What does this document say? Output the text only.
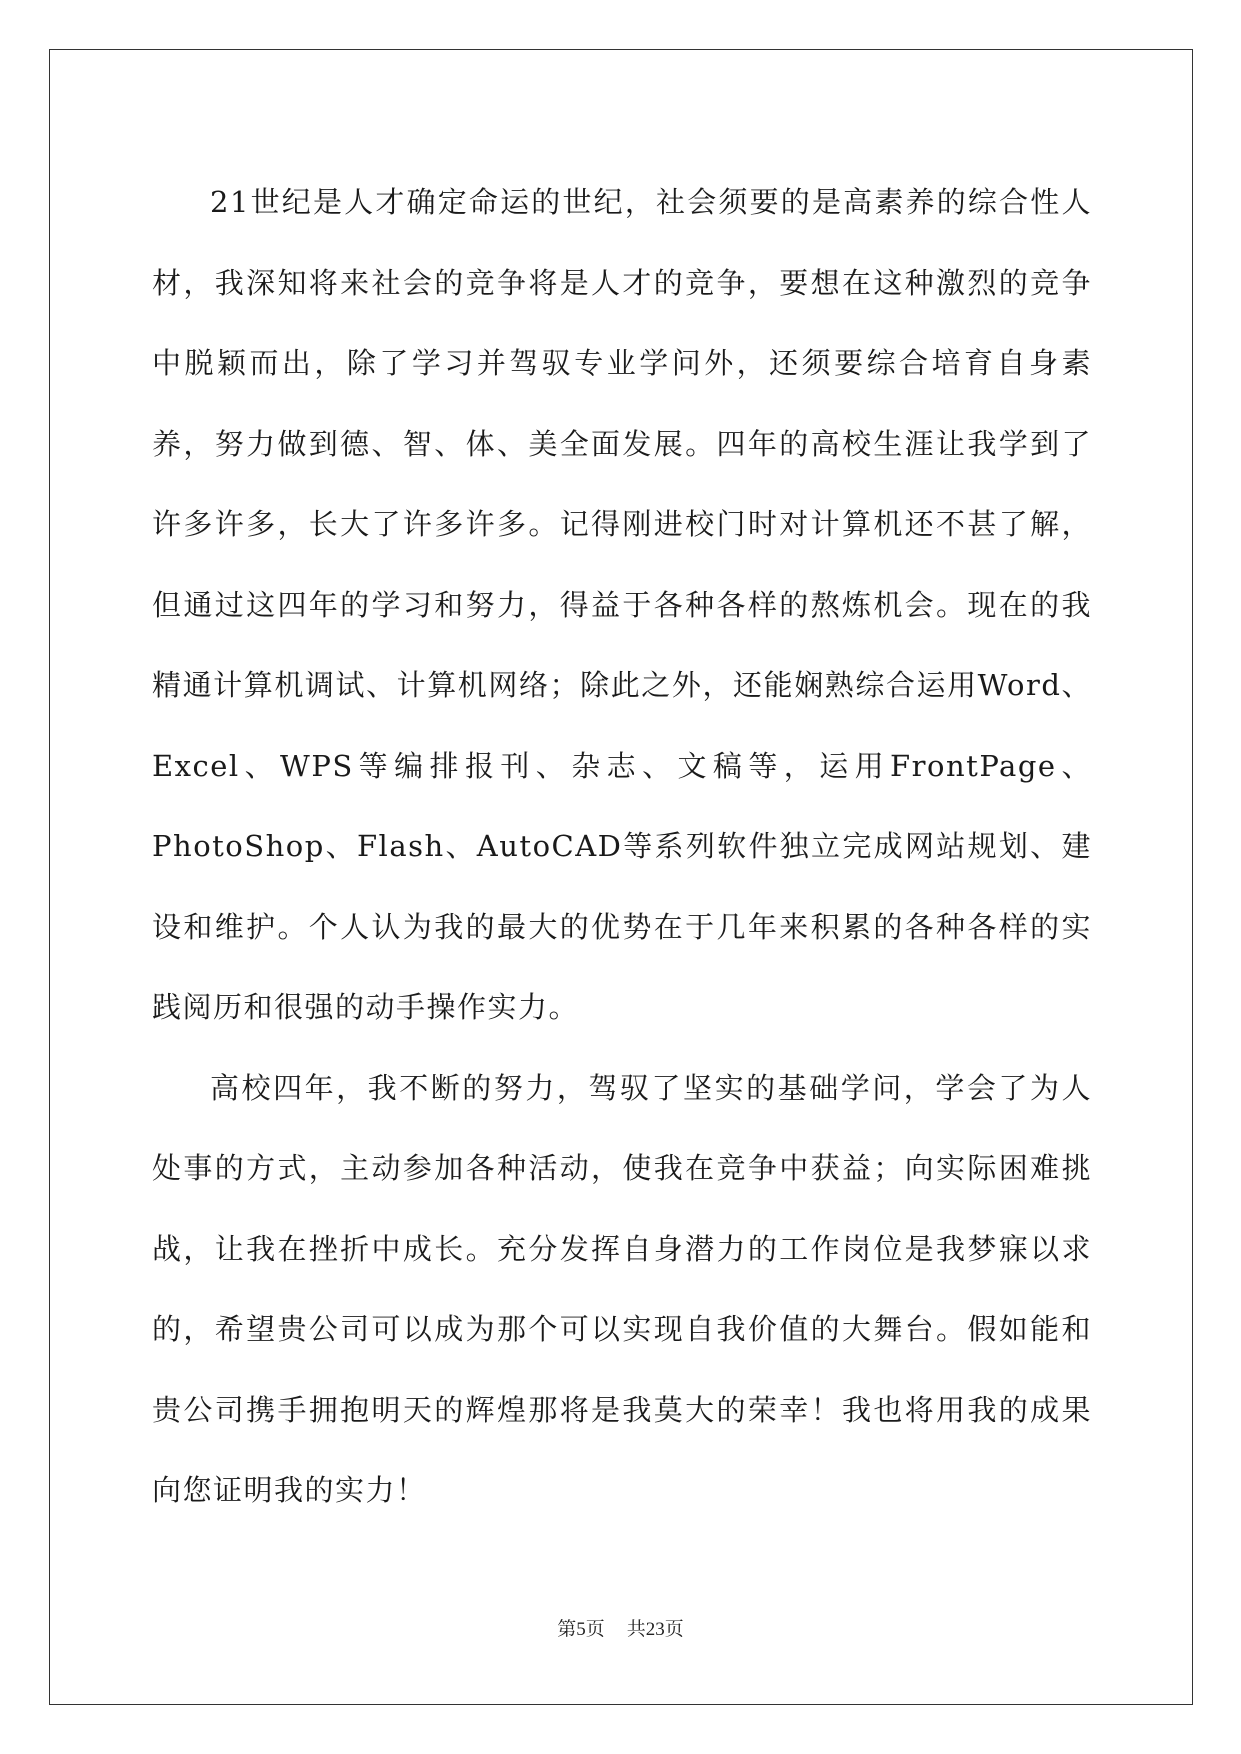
21世纪是人才确定命运的世纪，社会须要的是高素养的综合性人材，我深知将来社会的竞争将是人才的竞争，要想在这种激烈的竞争中脱颖而出，除了学习并驾驭专业学问外，还须要综合培育自身素养，努力做到德、智、体、美全面发展。四年的高校生涯让我学到了许多许多，长大了许多许多。记得刚进校门时对计算机还不甚了解，但通过这四年的学习和努力，得益于各种各样的熬炼机会。现在的我精通计算机调试、计算机网络；除此之外，还能娴熟综合运用Word、Excel、WPS等编排报刊、杂志、文稿等，运用FrontPage、PhotoShop、Flash、AutoCAD等系列软件独立完成网站规划、建设和维护。个人认为我的最大的优势在于几年来积累的各种各样的实践阅历和很强的动手操作实力。

高校四年，我不断的努力，驾驭了坚实的基础学问，学会了为人处事的方式，主动参加各种活动，使我在竞争中获益；向实际困难挑战，让我在挫折中成长。充分发挥自身潜力的工作岗位是我梦寐以求的，希望贵公司可以成为那个可以实现自我价值的大舞台。假如能和贵公司携手拥抱明天的辉煌那将是我莫大的荣幸！我也将用我的成果向您证明我的实力！

第5页 共23页
